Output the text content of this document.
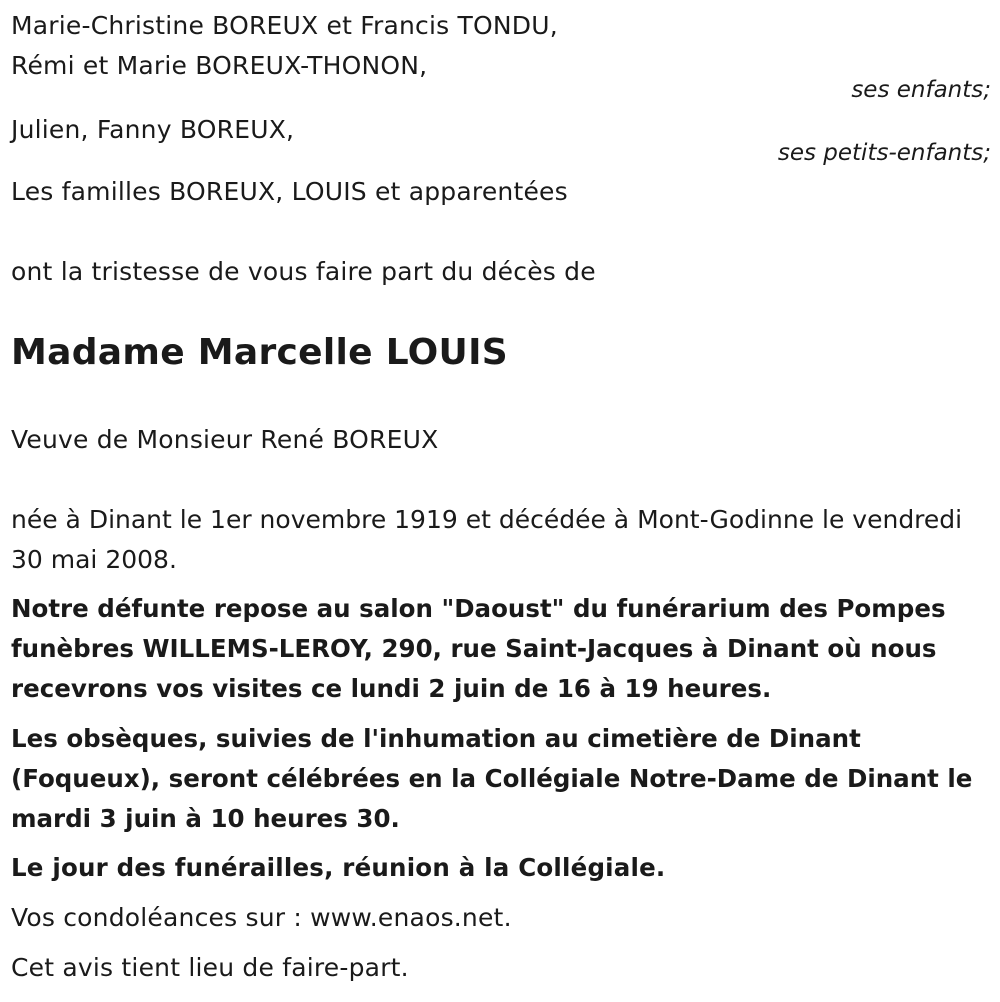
Marie-Christine BOREUX et Francis TONDU,
Rémi et Marie BOREUX-THONON,
ses enfants;
Julien, Fanny BOREUX,
ses petits-enfants;
Les familles BOREUX, LOUIS et apparentées
ont la tristesse de vous faire part du décès de
Madame Marcelle LOUIS
Veuve de Monsieur René BOREUX
née à Dinant le 1er novembre 1919 et décédée à Mont-Godinne le vendredi 30 mai 2008.
Notre défunte repose au salon "Daoust" du funérarium des Pompes funèbres WILLEMS-LEROY, 290, rue Saint-Jacques à Dinant où nous recevrons vos visites ce lundi 2 juin de 16 à 19 heures.
Les obsèques, suivies de l'inhumation au cimetière de Dinant (Foqueux), seront célébrées en la Collégiale Notre-Dame de Dinant le mardi 3 juin à 10 heures 30.
Le jour des funérailles, réunion à la Collégiale.
Vos condoléances sur : www.enaos.net.
Cet avis tient lieu de faire-part.
